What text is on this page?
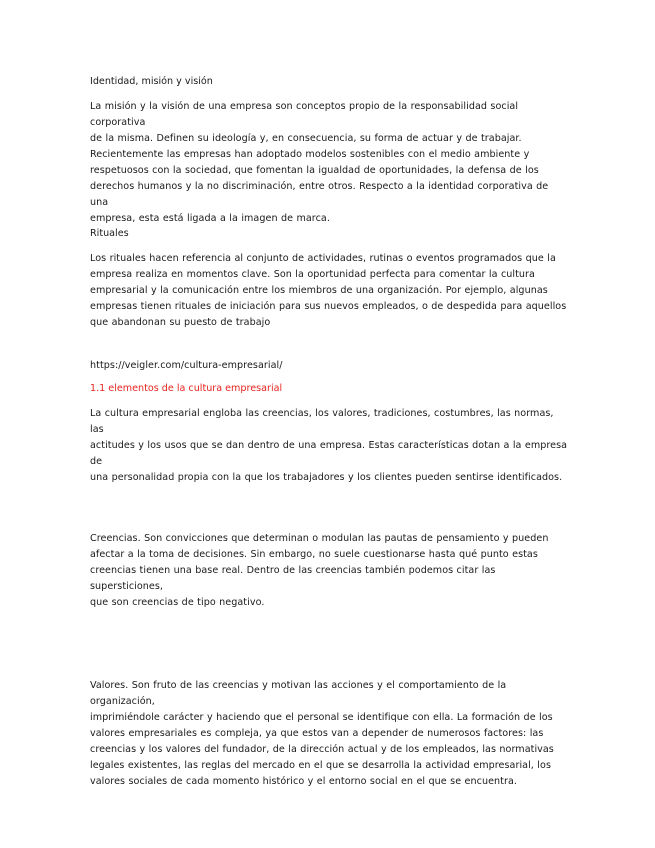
Identidad, misión y visión

La misión y la visión de una empresa son conceptos propio de la responsabilidad social corporativa

de la misma. Definen su ideología y, en consecuencia, su forma de actuar y de trabajar.

Recientemente las empresas han adoptado modelos sostenibles con el medio ambiente y

respetuosos con la sociedad, que fomentan la igualdad de oportunidades, la defensa de los

derechos humanos y la no discriminación, entre otros. Respecto a la identidad corporativa de una

empresa, esta está ligada a la imagen de marca.

Rituales

Los rituales hacen referencia al conjunto de actividades, rutinas o eventos programados que la

empresa realiza en momentos clave. Son la oportunidad perfecta para comentar la cultura

empresarial y la comunicación entre los miembros de una organización. Por ejemplo, algunas

empresas tienen rituales de iniciación para sus nuevos empleados, o de despedida para aquellos

que abandonan su puesto de trabajo

https://veigler.com/cultura-empresarial/

1.1 elementos de la cultura empresarial

La cultura empresarial engloba las creencias, los valores, tradiciones, costumbres, las normas, las

actitudes y los usos que se dan dentro de una empresa. Estas características dotan a la empresa de

una personalidad propia con la que los trabajadores y los clientes pueden sentirse identificados.

Creencias. Son convicciones que determinan o modulan las pautas de pensamiento y pueden

afectar a la toma de decisiones. Sin embargo, no suele cuestionarse hasta qué punto estas

creencias tienen una base real. Dentro de las creencias también podemos citar las supersticiones,

que son creencias de tipo negativo.

Valores. Son fruto de las creencias y motivan las acciones y el comportamiento de la organización,

imprimiéndole carácter y haciendo que el personal se identifique con ella. La formación de los

valores empresariales es compleja, ya que estos van a depender de numerosos factores: las

creencias y los valores del fundador, de la dirección actual y de los empleados, las normativas

legales existentes, las reglas del mercado en el que se desarrolla la actividad empresarial, los

valores sociales de cada momento histórico y el entorno social en el que se encuentra.
